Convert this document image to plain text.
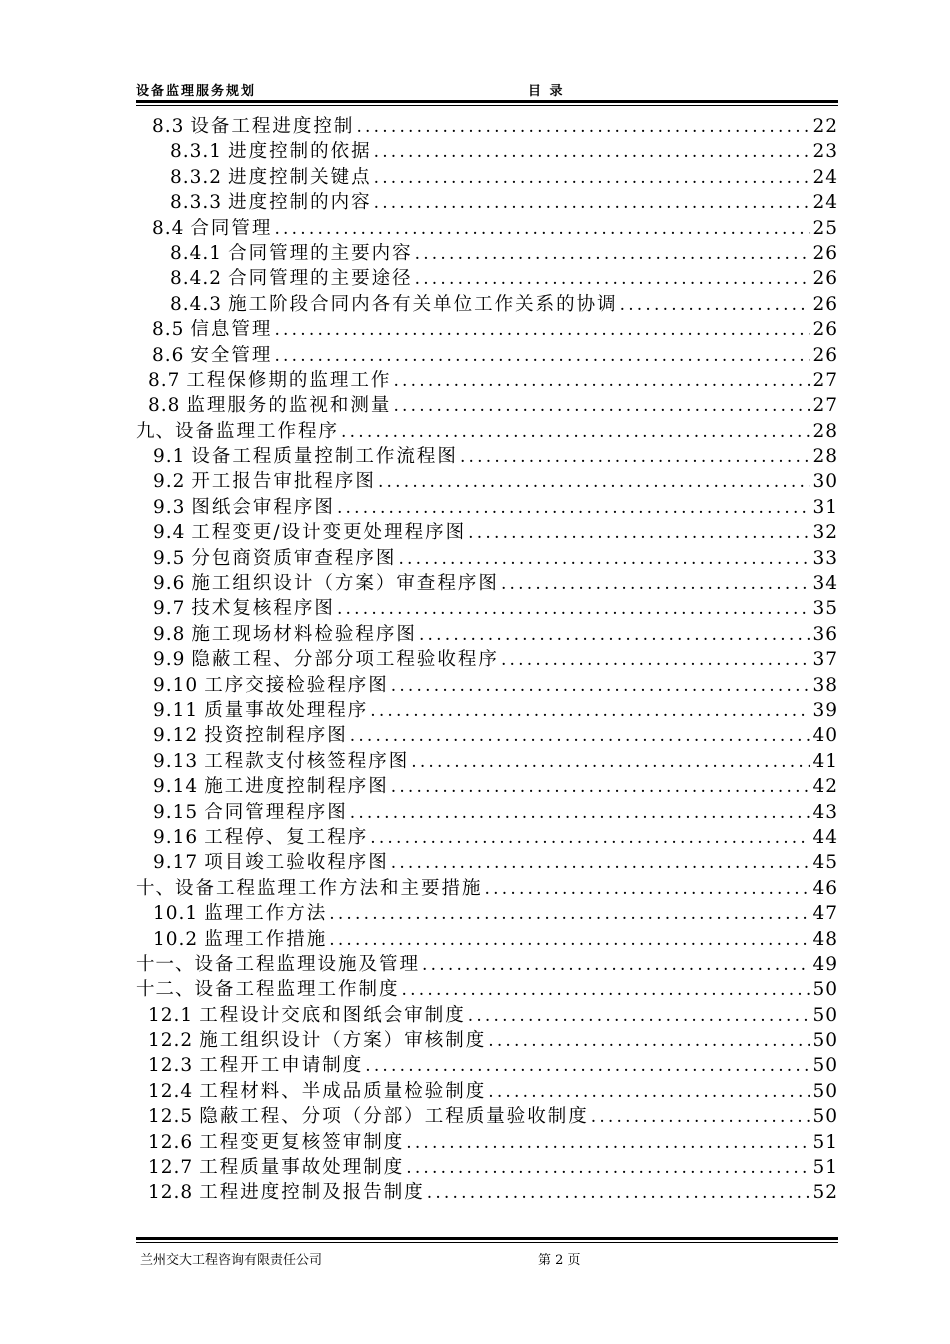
设备监理服务规划	目 录
8.3 设备工程进度控制 .....	22
8.3.1 进度控制的依据 .....	23
8.3.2 进度控制关键点 .....	24
8.3.3 进度控制的内容 .....	24
8.4 合同管理 .....	25
8.4.1 合同管理的主要内容 .....	26
8.4.2 合同管理的主要途径 .....	26
8.4.3 施工阶段合同内各有关单位工作关系的协调 .....	26
8.5 信息管理 .....	26
8.6 安全管理 .....	26
8.7 工程保修期的监理工作 .....	27
8.8 监理服务的监视和测量 .....	27
九、 设备监理工作程序 .....	28
9.1 设备工程质量控制工作流程图 .....	28
9.2 开工报告审批程序图 .....	30
9.3 图纸会审程序图 .....	31
9.4 工程变更/设计变更处理程序图 .....	32
9.5 分包商资质审查程序图 .....	33
9.6 施工组织设计（方案）审查程序图 .....	34
9.7 技术复核程序图 .....	35
9.8 施工现场材料检验程序图 .....	36
9.9 隐蔽工程、分部分项工程验收程序 .....	37
9.10 工序交接检验程序图 .....	38
9.11 质量事故处理程序 .....	39
9.12 投资控制程序图 .....	40
9.13 工程款支付核签程序图 .....	41
9.14 施工进度控制程序图 .....	42
9.15 合同管理程序图 .....	43
9.16 工程停、复工程序 .....	44
9.17 项目竣工验收程序图 .....	45
十、 设备工程监理工作方法和主要措施 .....	46
10.1 监理工作方法 .....	47
10.2 监理工作措施 .....	48
十一、 设备工程监理设施及管理 .....	49
十二、 设备工程监理工作制度 .....	50
12.1 工程设计交底和图纸会审制度 .....	50
12.2 施工组织设计（方案）审核制度 .....	50
12.3 工程开工申请制度 .....	50
12.4 工程材料、半成品质量检验制度 .....	50
12.5 隐蔽工程、分项（分部）工程质量验收制度 .....	50
12.6 工程变更复核签审制度 .....	51
12.7 工程质量事故处理制度 .....	51
12.8 工程进度控制及报告制度 .....	52
兰州交大工程咨询有限责任公司	第 2 页
